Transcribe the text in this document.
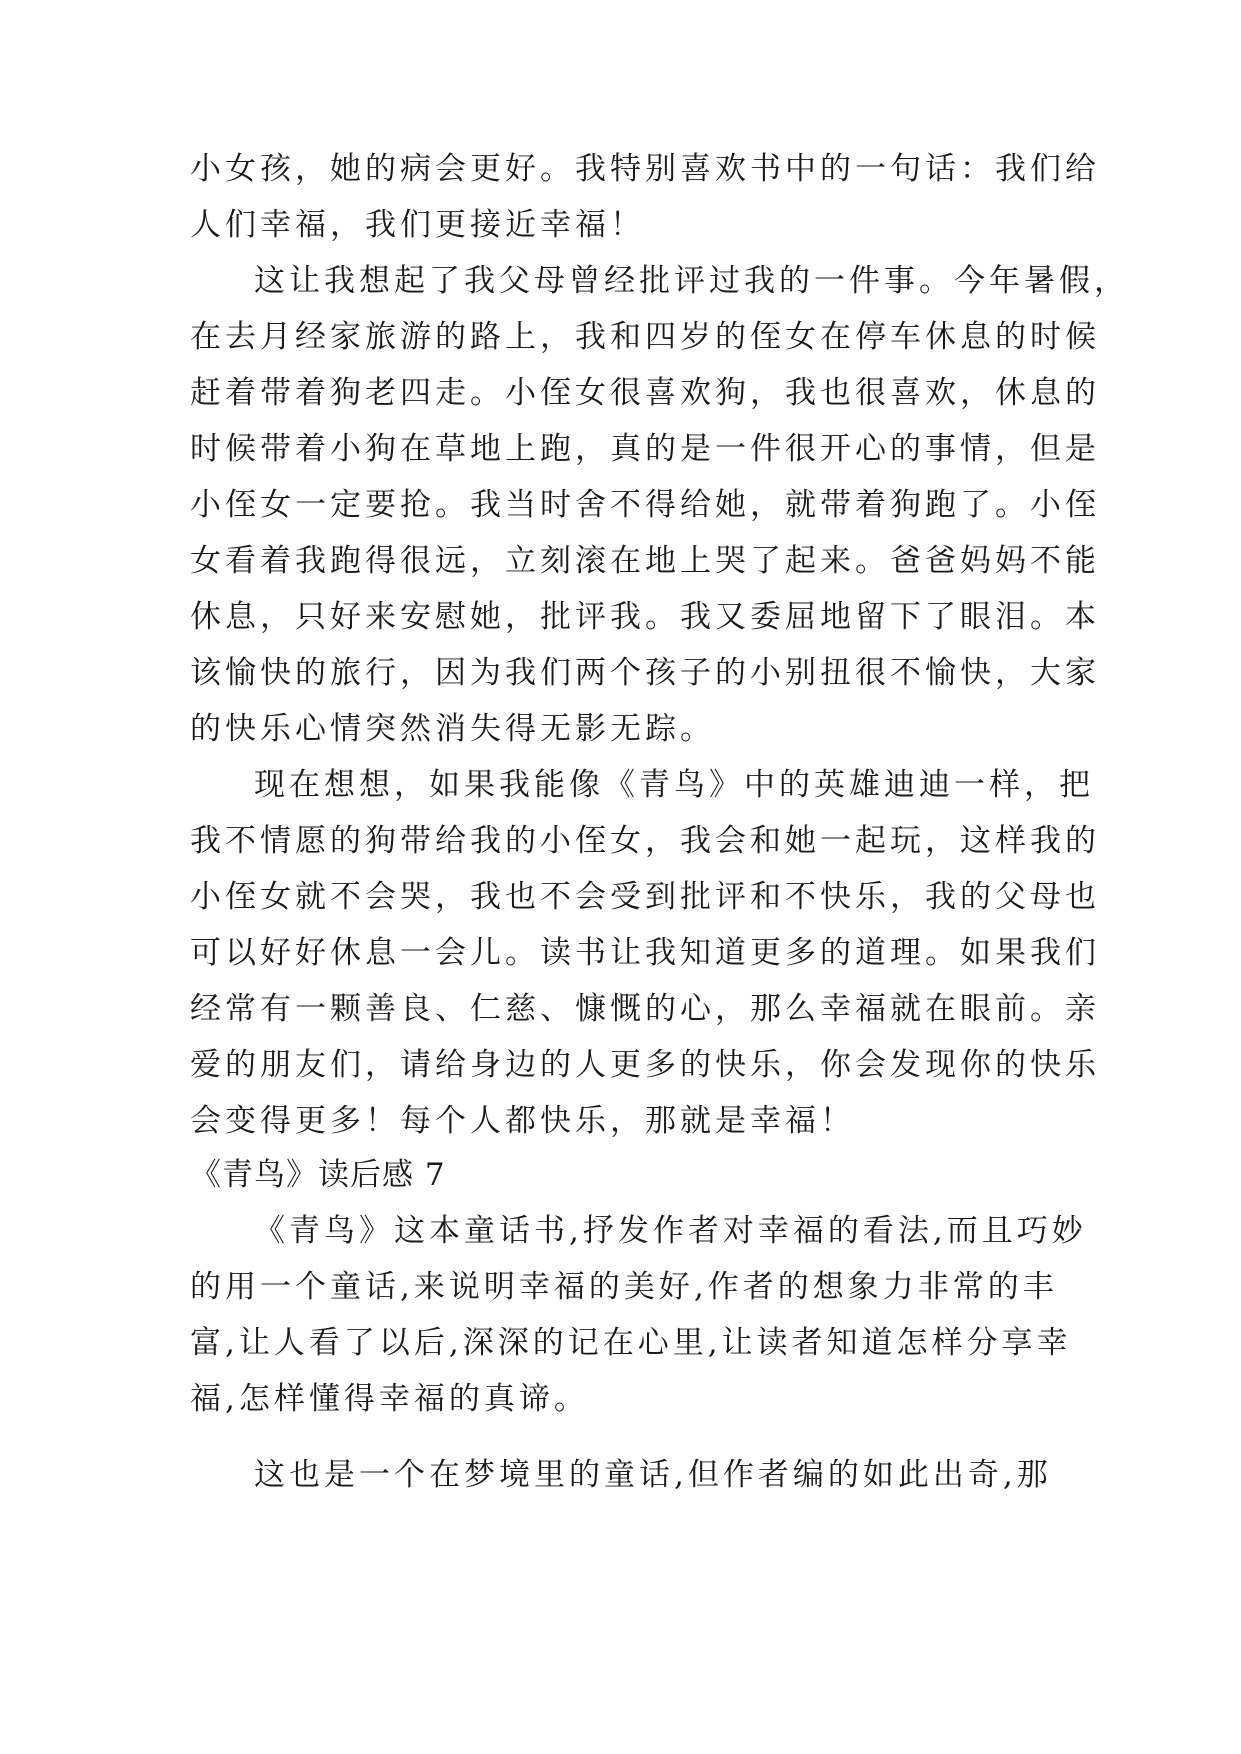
小女孩，她的病会更好。我特别喜欢书中的一句话：我们给
人们幸福，我们更接近幸福！
这让我想起了我父母曾经批评过我的一件事。今年暑假，
在去月经家旅游的路上，我和四岁的侄女在停车休息的时候
赶着带着狗老四走。小侄女很喜欢狗，我也很喜欢，休息的
时候带着小狗在草地上跑，真的是一件很开心的事情，但是
小侄女一定要抢。我当时舍不得给她，就带着狗跑了。小侄
女看着我跑得很远，立刻滚在地上哭了起来。爸爸妈妈不能
休息，只好来安慰她，批评我。我又委屈地留下了眼泪。本
该愉快的旅行，因为我们两个孩子的小别扭很不愉快，大家
的快乐心情突然消失得无影无踪。
现在想想，如果我能像《青鸟》中的英雄迪迪一样，把
我不情愿的狗带给我的小侄女，我会和她一起玩，这样我的
小侄女就不会哭，我也不会受到批评和不快乐，我的父母也
可以好好休息一会儿。读书让我知道更多的道理。如果我们
经常有一颗善良、仁慈、慷慨的心，那么幸福就在眼前。亲
爱的朋友们，请给身边的人更多的快乐，你会发现你的快乐
会变得更多！每个人都快乐，那就是幸福！
《青鸟》读后感 7
《青鸟》这本童话书,抒发作者对幸福的看法,而且巧妙
的用一个童话,来说明幸福的美好,作者的想象力非常的丰
富,让人看了以后,深深的记在心里,让读者知道怎样分享幸
福,怎样懂得幸福的真谛。
这也是一个在梦境里的童话,但作者编的如此出奇,那
